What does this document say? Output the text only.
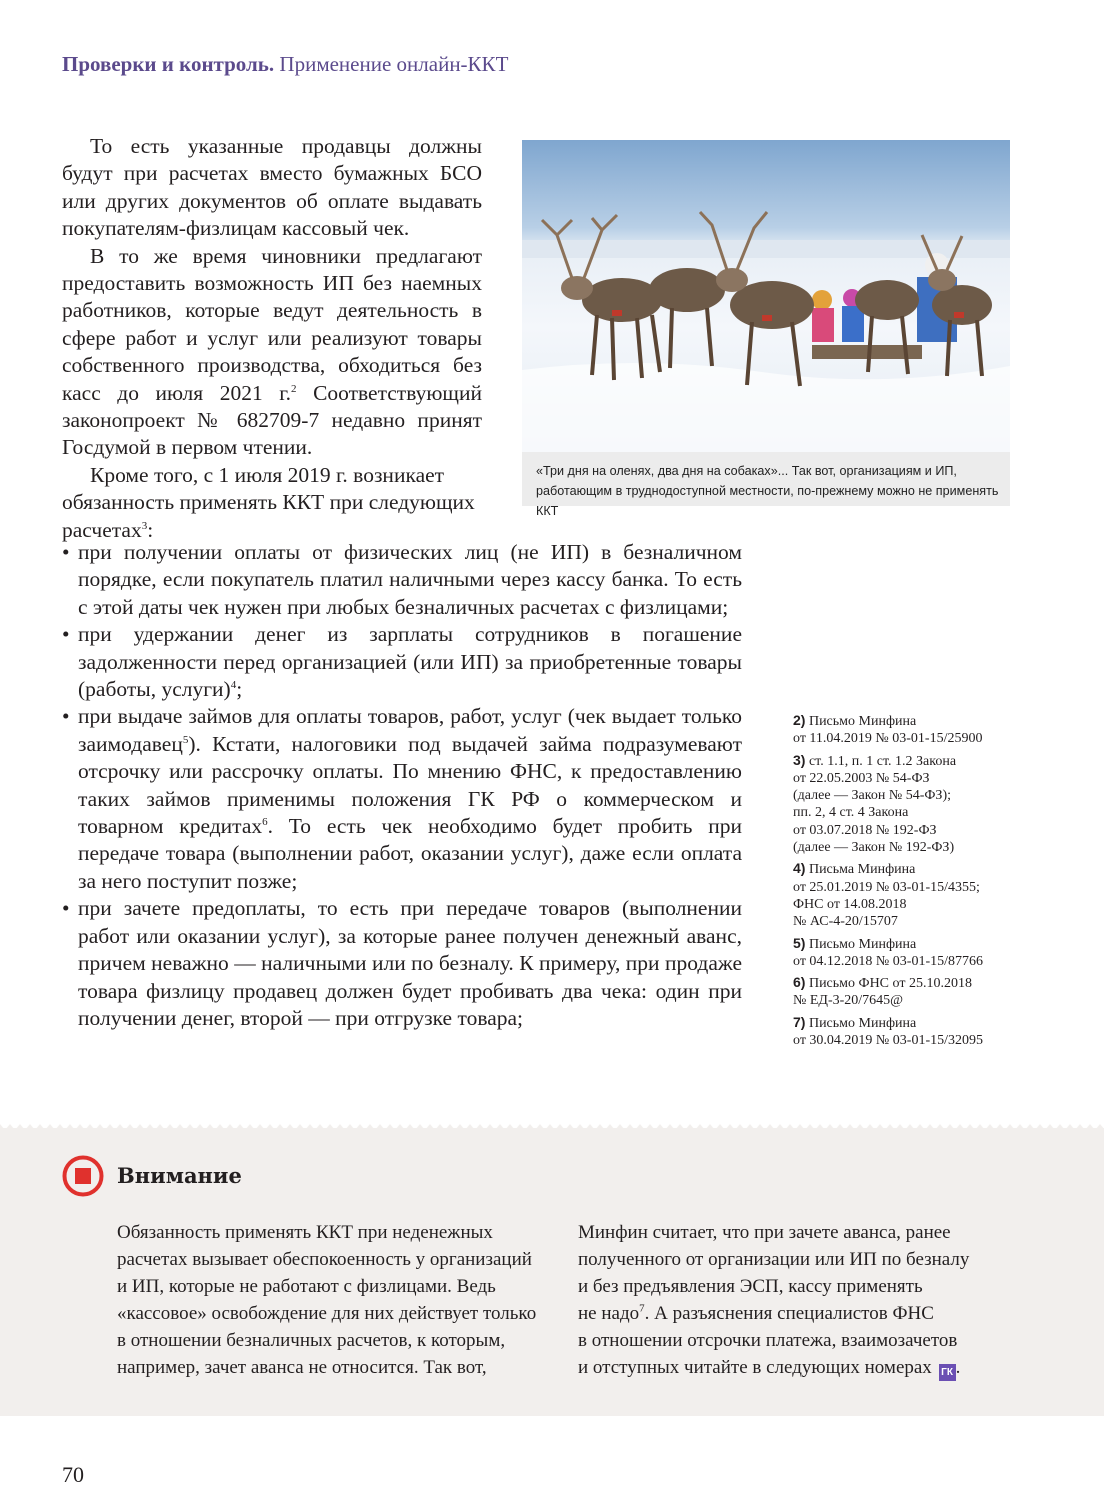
Проверки и контроль. Применение онлайн-ККТ

То есть указанные продавцы должны будут при расчетах вместо бумажных БСО или других документов об оплате выдавать покупателям-физлицам кассовый чек.

В то же время чиновники предлагают предоставить возможность ИП без наемных работников, которые ведут деятельность в сфере работ и услуг или реализуют товары собственного производства, обходиться без касс до июля 2021 г.$^2$ Соответствующий законопроект № 682709-7 недавно принят Госдумой в первом чтении.

Кроме того, с 1 июля 2019 г. возникает обязанность применять ККТ при следующих расчетах$^3$:

«Три дня на оленях, два дня на собаках»... Так вот, организациям и ИП, работающим в труднодоступной местности, по-прежнему можно не применять ККТ
• при получении оплаты от физических лиц (не ИП) в безналичном порядке, если покупатель платил наличными через кассу банка. То есть с этой даты чек нужен при любых безналичных расчетах с физлицами;
• при удержании денег из зарплаты сотрудников в погашение задолженности перед организацией (или ИП) за приобретенные товары (работы, услуги)$^4$;
• при выдаче займов для оплаты товаров, работ, услуг (чек выдает только заимодавец$^5$). Кстати, налоговики под выдачей займа подразумевают отсрочку или рассрочку оплаты. По мнению ФНС, к предоставлению таких займов применимы положения ГК РФ о коммерческом и товарном кредитах$^6$. То есть чек необходимо будет пробить при передаче товара (выполнении работ, оказании услуг), даже если оплата за него поступит позже;
• при зачете предоплаты, то есть при передаче товаров (выполнении работ или оказании услуг), за которые ранее получен денежный аванс, причем неважно — наличными или по безналу. К примеру, при продаже товара физлицу продавец должен будет пробивать два чека: один при получении денег, второй — при отгрузке товара;
2) Письмо Минфина
от 11.04.2019 № 03-01-15/25900
3) ст. 1.1, п. 1 ст. 1.2 Закона
от 22.05.2003 № 54-ФЗ
(далее — Закон № 54-ФЗ);
пп. 2, 4 ст. 4 Закона
от 03.07.2018 № 192-ФЗ
(далее — Закон № 192-ФЗ)
4) Письма Минфина
от 25.01.2019 № 03-01-15/4355;
ФНС от 14.08.2018
№ АС-4-20/15707
5) Письмо Минфина
от 04.12.2018 № 03-01-15/87766
6) Письмо ФНС от 25.10.2018
№ ЕД-3-20/7645@
7) Письмо Минфина
от 30.04.2019 № 03-01-15/32095
Внимание
Обязанность применять ККТ при неденежных
расчетах вызывает обеспокоенность у организаций
и ИП, которые не работают с физлицами. Ведь
«кассовое» освобождение для них действует только
в отношении безналичных расчетов, к которым,
например, зачет аванса не относится. Так вот,
Минфин считает, что при зачете аванса, ранее
полученного от организации или ИП по безналу
и без предъявления ЭСП, кассу применять
не надо$^7$. А разъяснения специалистов ФНС
в отношении отсрочки платежа, взаимозачетов
и отступных читайте в следующих номерах ГК .
70
